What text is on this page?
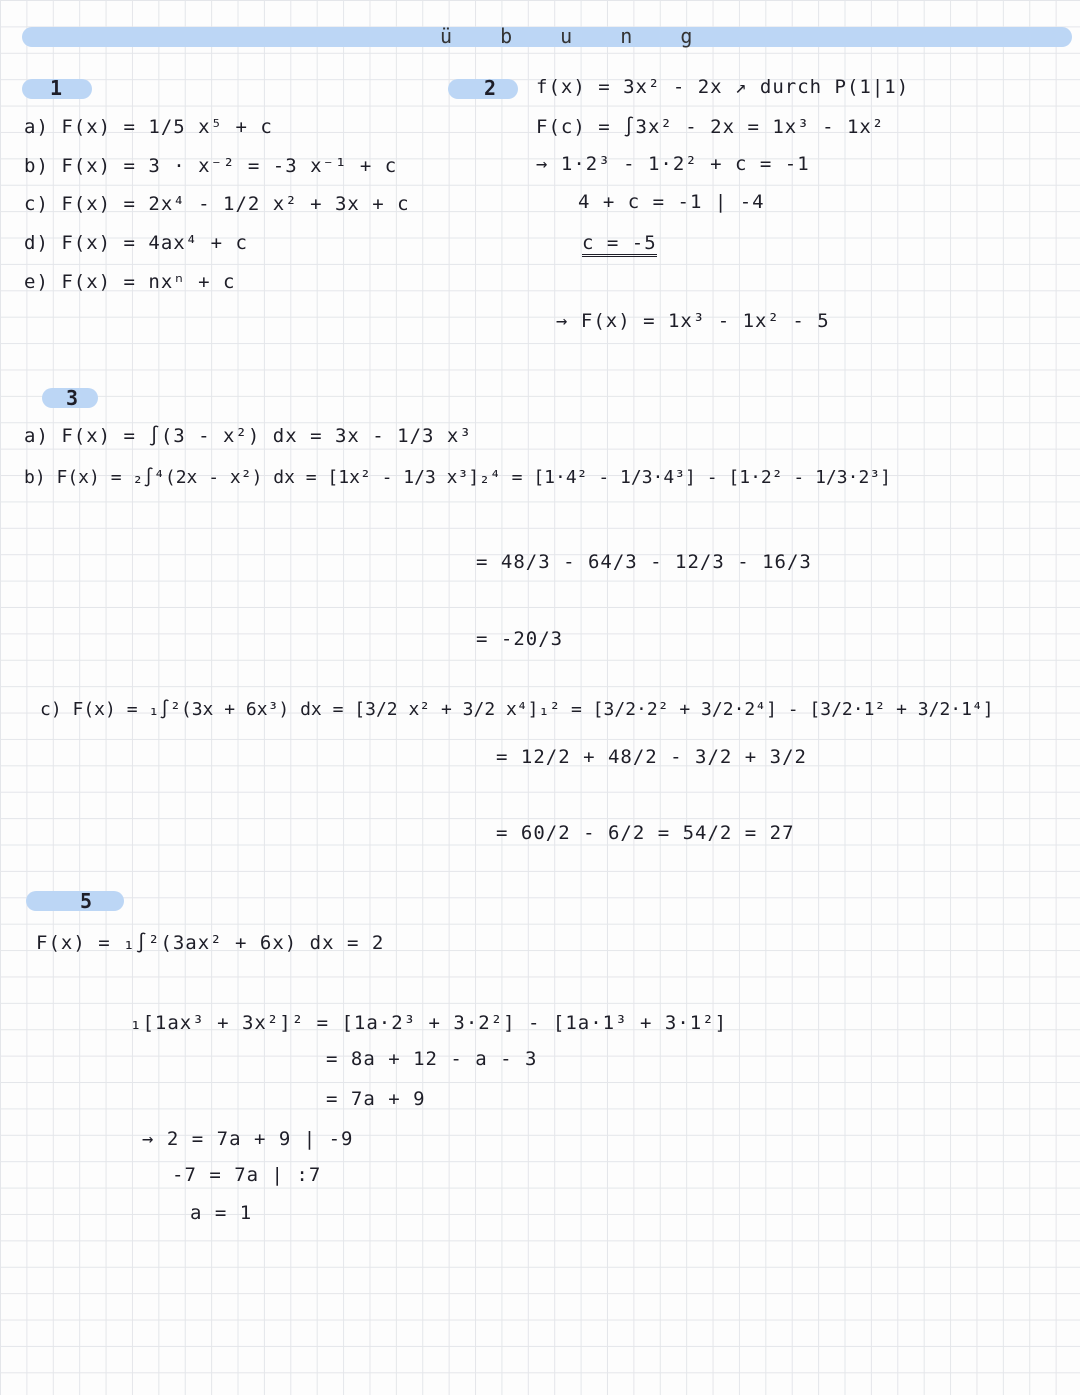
ü b u n g
1
a) F(x) = 1/5 x⁵ + c
b) F(x) = 3 · x⁻² = -3 x⁻¹ + c
c) F(x) = 2x⁴ - 1/2 x² + 3x + c
d) F(x) = 4ax⁴ + c
e) F(x) = nxⁿ + c
2 f(x) = 3x² - 2x ↗ durch P(1|1)
F(c) = ∫3x² - 2x = 1x³ - 1x²
→ 1·2³ - 1·2² + c = -1
4 + c = -1 | -4
c = -5
→ F(x) = 1x³ - 1x² - 5
3
a) F(x) = ∫(3 - x²) dx = 3x - 1/3 x³
b) F(x) = ₂∫⁴(2x - x²) dx = [1x² - 1/3 x³]₂⁴ = [1·4² - 1/3·4³] - [1·2² - 1/3·2³]
= 48/3 - 64/3 - 12/3 - 16/3
= -20/3
c) F(x) = ₁∫²(3x + 6x³) dx = [3/2 x² + 3/2 x⁴]₁² = [3/2·2² + 3/2·2⁴] - [3/2·1² + 3/2·1⁴]
= 12/2 + 48/2 - 3/2 + 3/2
= 60/2 - 6/2 = 54/2 = 27
5
F(x) = ₁∫²(3ax² + 6x) dx = 2
₁[1ax³ + 3x²]² = [1a·2³ + 3·2²] - [1a·1³ + 3·1²]
= 8a + 12 - a - 3
= 7a + 9
→ 2 = 7a + 9 | -9
-7 = 7a | :7
a = 1
